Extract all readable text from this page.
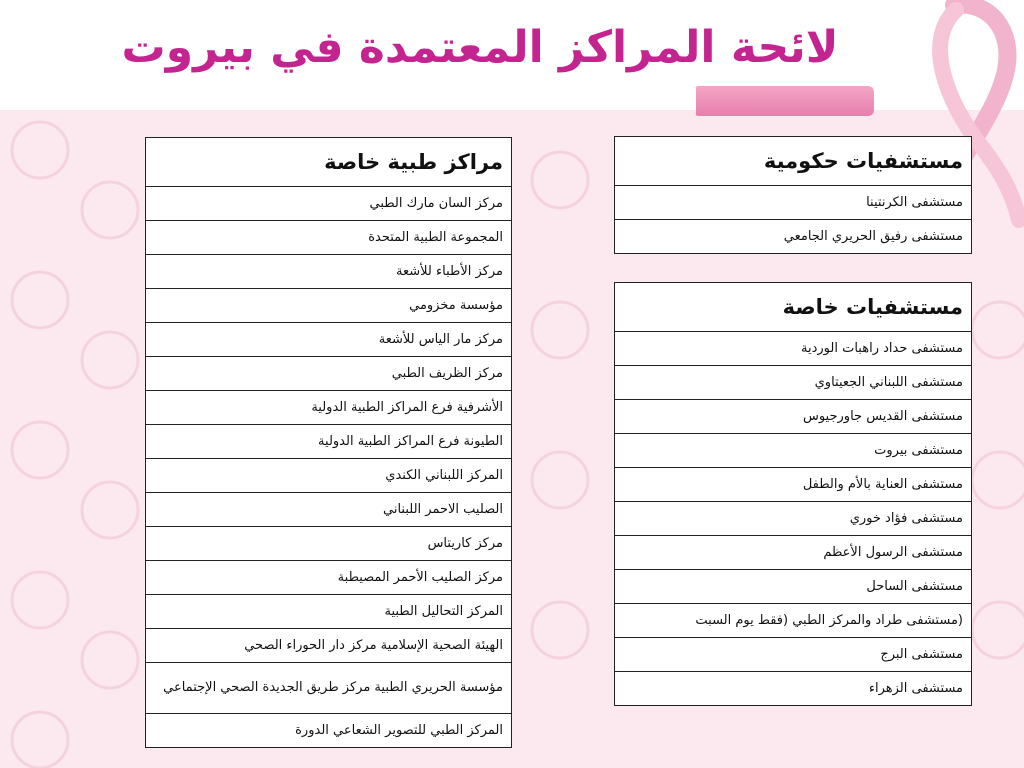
لائحة المراكز المعتمدة في بيروت
مراكز طبية خاصة
مركز السان مارك الطبي
المجموعة الطبية المتحدة
مركز الأطباء للأشعة
مؤسسة مخزومي
مركز مار الياس للأشعة
مركز الظريف الطبي
الأشرفية فرع المراكز الطبية الدولية
الطيونة فرع المراكز الطبية الدولية
المركز اللبناني الكندي
الصليب الاحمر اللبناني
مركز كاريتاس
مركز الصليب الأحمر المصيطبة
المركز التحاليل الطبية
الهيئة الصحية الإسلامية مركز دار الحوراء الصحي
مؤسسة الحريري الطبية مركز طريق الجديدة الصحي الإجتماعي
المركز الطبي للتصوير الشعاعي الدورة
مستشفيات حكومية
مستشفى الكرنتينا
مستشفى رفيق الحريري الجامعي
مستشفيات خاصة
مستشفى حداد راهبات الوردية
مستشفى اللبناني الجعيتاوي
مستشفى القديس جاورجيوس
مستشفى بيروت
مستشفى العناية بالأم والطفل
مستشفى فؤاد خوري
مستشفى الرسول الأعظم
مستشفى الساحل
(مستشفى طراد والمركز الطبي (فقط يوم السبت
مستشفى البرج
مستشفى الزهراء
